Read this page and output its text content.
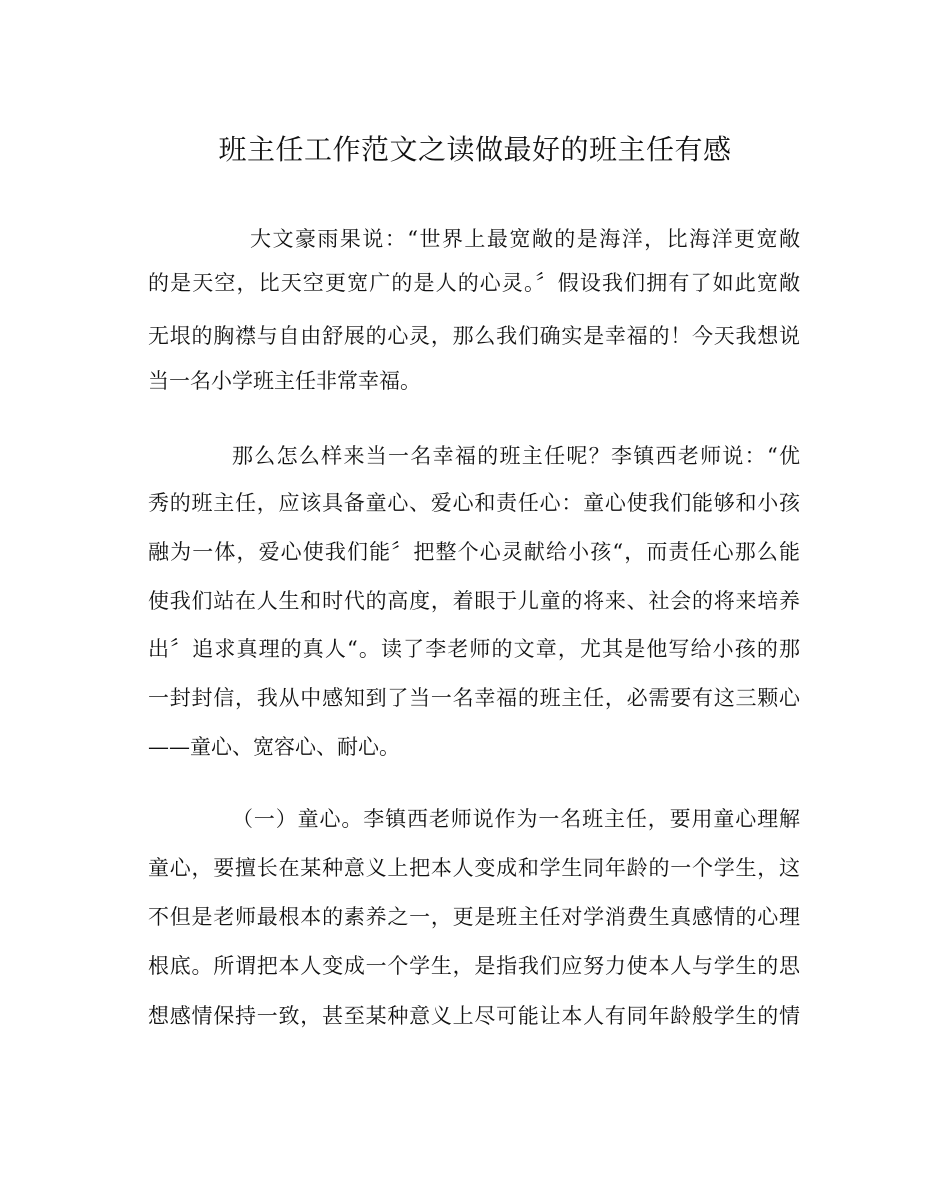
班主任工作范文之读做最好的班主任有感

大文豪雨果说：“世界上最宽敞的是海洋，比海洋更宽敞

的是天空，比天空更宽广的是人的心灵。〞假设我们拥有了如此宽敞

无垠的胸襟与自由舒展的心灵，那么我们确实是幸福的！今天我想说

当一名小学班主任非常幸福。

那么怎么样来当一名幸福的班主任呢？李镇西老师说：“优

秀的班主任，应该具备童心、爱心和责任心：童心使我们能够和小孩

融为一体，爱心使我们能〞把整个心灵献给小孩“，而责任心那么能

使我们站在人生和时代的高度，着眼于儿童的将来、社会的将来培养

出〞追求真理的真人“。读了李老师的文章，尤其是他写给小孩的那

一封封信，我从中感知到了当一名幸福的班主任，必需要有这三颗心

——童心、宽容心、耐心。

（一）童心。李镇西老师说作为一名班主任，要用童心理解

童心，要擅长在某种意义上把本人变成和学生同年龄的一个学生，这

不但是老师最根本的素养之一，更是班主任对学消费生真感情的心理

根底。所谓把本人变成一个学生，是指我们应努力使本人与学生的思

想感情保持一致，甚至某种意义上尽可能让本人有同年龄般学生的情
